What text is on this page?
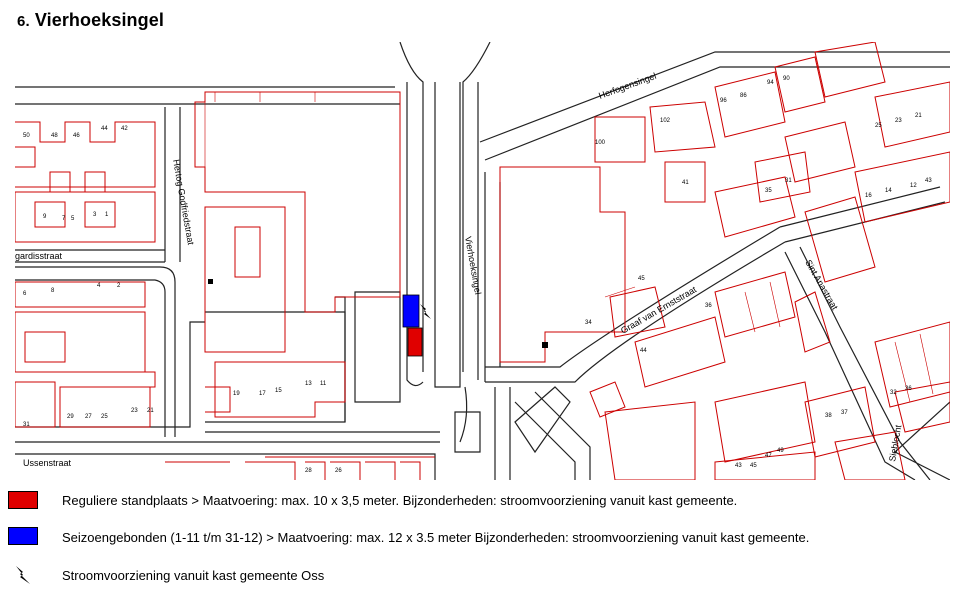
6. Vierhoeksingel
Herfogensingel
Hertog Godfriedstraat
gardisstraat	Vierhoeksingel
Graaf van Ernststraat	Sint Anastraat
Ussenstraat
Sieblocht
50	48	46
44 42
9	7 5
3 1
6	8
4	2
29 27 25
23 21
31
19	17 15
13 11
28	26
100
102
96
86
94
90
25
23
21
41
35
31
16
14
12
43
45
34
36
44
43 45
47
49
38 37
32
36
Reguliere standplaats > Maatvoering: max. 10 x 3,5 meter. Bijzonderheden: stroomvoorziening vanuit kast gemeente.
Seizoengebonden (1-11 t/m 31-12) > Maatvoering: max. 12 x 3.5 meter Bijzonderheden: stroomvoorziening vanuit kast gemeente.
Stroomvoorziening vanuit kast gemeente Oss
